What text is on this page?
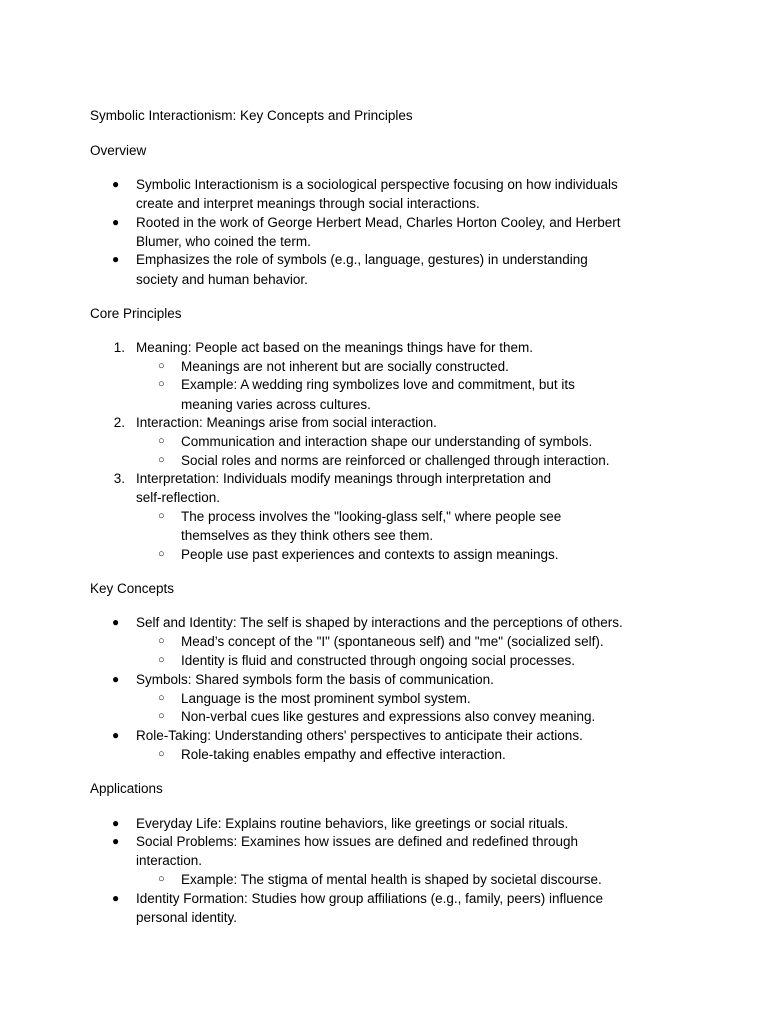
Symbolic Interactionism: Key Concepts and Principles
Overview
● Symbolic Interactionism is a sociological perspective focusing on how individuals
create and interpret meanings through social interactions.
● Rooted in the work of George Herbert Mead, Charles Horton Cooley, and Herbert
Blumer, who coined the term.
● Emphasizes the role of symbols (e.g., language, gestures) in understanding
society and human behavior.
Core Principles
1. Meaning: People act based on the meanings things have for them.
○	Meanings are not inherent but are socially constructed.
○	Example: A wedding ring symbolizes love and commitment, but its
meaning varies across cultures.
2. Interaction: Meanings arise from social interaction.
○	Communication and interaction shape our understanding of symbols.
○	Social roles and norms are reinforced or challenged through interaction.
3. Interpretation: Individuals modify meanings through interpretation and
self-reflection.
○	The process involves the "looking-glass self," where people see
themselves as they think others see them.
○	People use past experiences and contexts to assign meanings.
Key Concepts
● Self and Identity: The self is shaped by interactions and the perceptions of others.
○	Mead’s concept of the "I" (spontaneous self) and "me" (socialized self).
○	Identity is fluid and constructed through ongoing social processes.
● Symbols: Shared symbols form the basis of communication.
○	Language is the most prominent symbol system.
○	Non-verbal cues like gestures and expressions also convey meaning.
● Role-Taking: Understanding others' perspectives to anticipate their actions.
○	Role-taking enables empathy and effective interaction.
Applications
● Everyday Life: Explains routine behaviors, like greetings or social rituals.
● Social Problems: Examines how issues are defined and redefined through
interaction.
○	Example: The stigma of mental health is shaped by societal discourse.
● Identity Formation: Studies how group affiliations (e.g., family, peers) influence
personal identity.
